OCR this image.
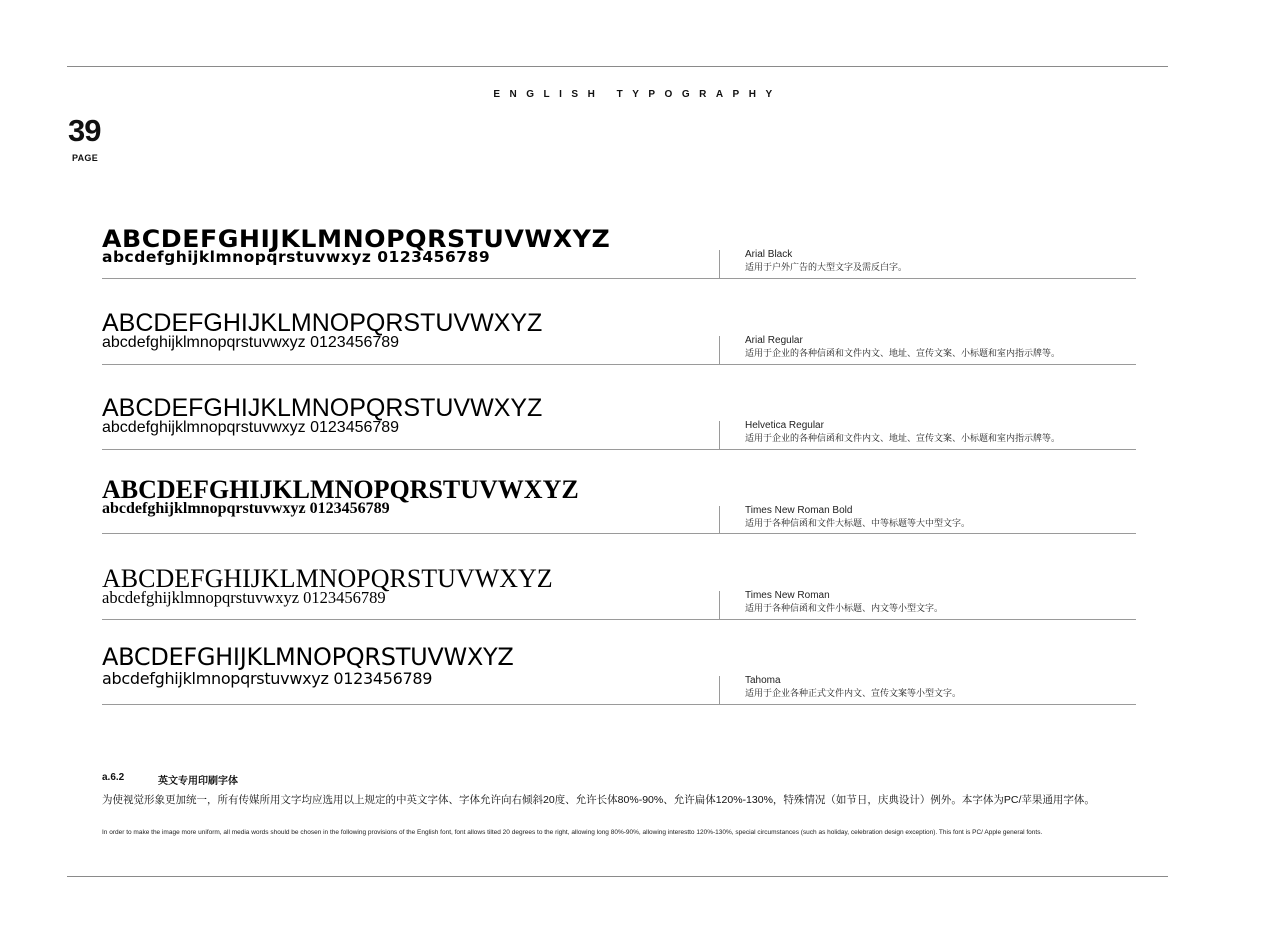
ENGLISH TYPOGRAPHY
39
PAGE
ABCDEFGHIJKLMNOPQRSTUVWXYZ
abcdefghijklmnopqrstuvwxyz 0123456789	Arial Black
适用于户外广告的大型文字及需反白字。
ABCDEFGHIJKLMNOPQRSTUVWXYZ
abcdefghijklmnopqrstuvwxyz 0123456789	Arial Regular
适用于企业的各种信函和文件内文、地址、宣传文案、小标题和室内指示牌等。
ABCDEFGHIJKLMNOPQRSTUVWXYZ
abcdefghijklmnopqrstuvwxyz 0123456789	Helvetica Regular
适用于企业的各种信函和文件内文、地址、宣传文案、小标题和室内指示牌等。
ABCDEFGHIJKLMNOPQRSTUVWXYZ
abcdefghijklmnopqrstuvwxyz 0123456789	Times New Roman Bold
适用于各种信函和文件大标题、中等标题等大中型文字。
ABCDEFGHIJKLMNOPQRSTUVWXYZ
abcdefghijklmnopqrstuvwxyz 0123456789	Times New Roman
适用于各种信函和文件小标题、内文等小型文字。
ABCDEFGHIJKLMNOPQRSTUVWXYZ
abcdefghijklmnopqrstuvwxyz 0123456789	Tahoma
适用于企业各种正式文件内文、宣传文案等小型文字。
a.6.2	英文专用印刷字体
为使视觉形象更加统一，所有传媒所用文字均应选用以上规定的中英文字体、字体允许向右倾斜20度、允许长体80%-90%、允许扁体120%-130%，特殊情况（如节日，庆典设计）例外。本字体为PC/苹果通用字体。
In order to make the image more uniform, all media words should be chosen in the following provisions of the English font, font allows tilted 20 degrees to the right, allowing long 80%-90%, allowing interestto 120%-130%, special circumstances (such as holiday, celebration design exception). This font is PC/ Apple general fonts.
